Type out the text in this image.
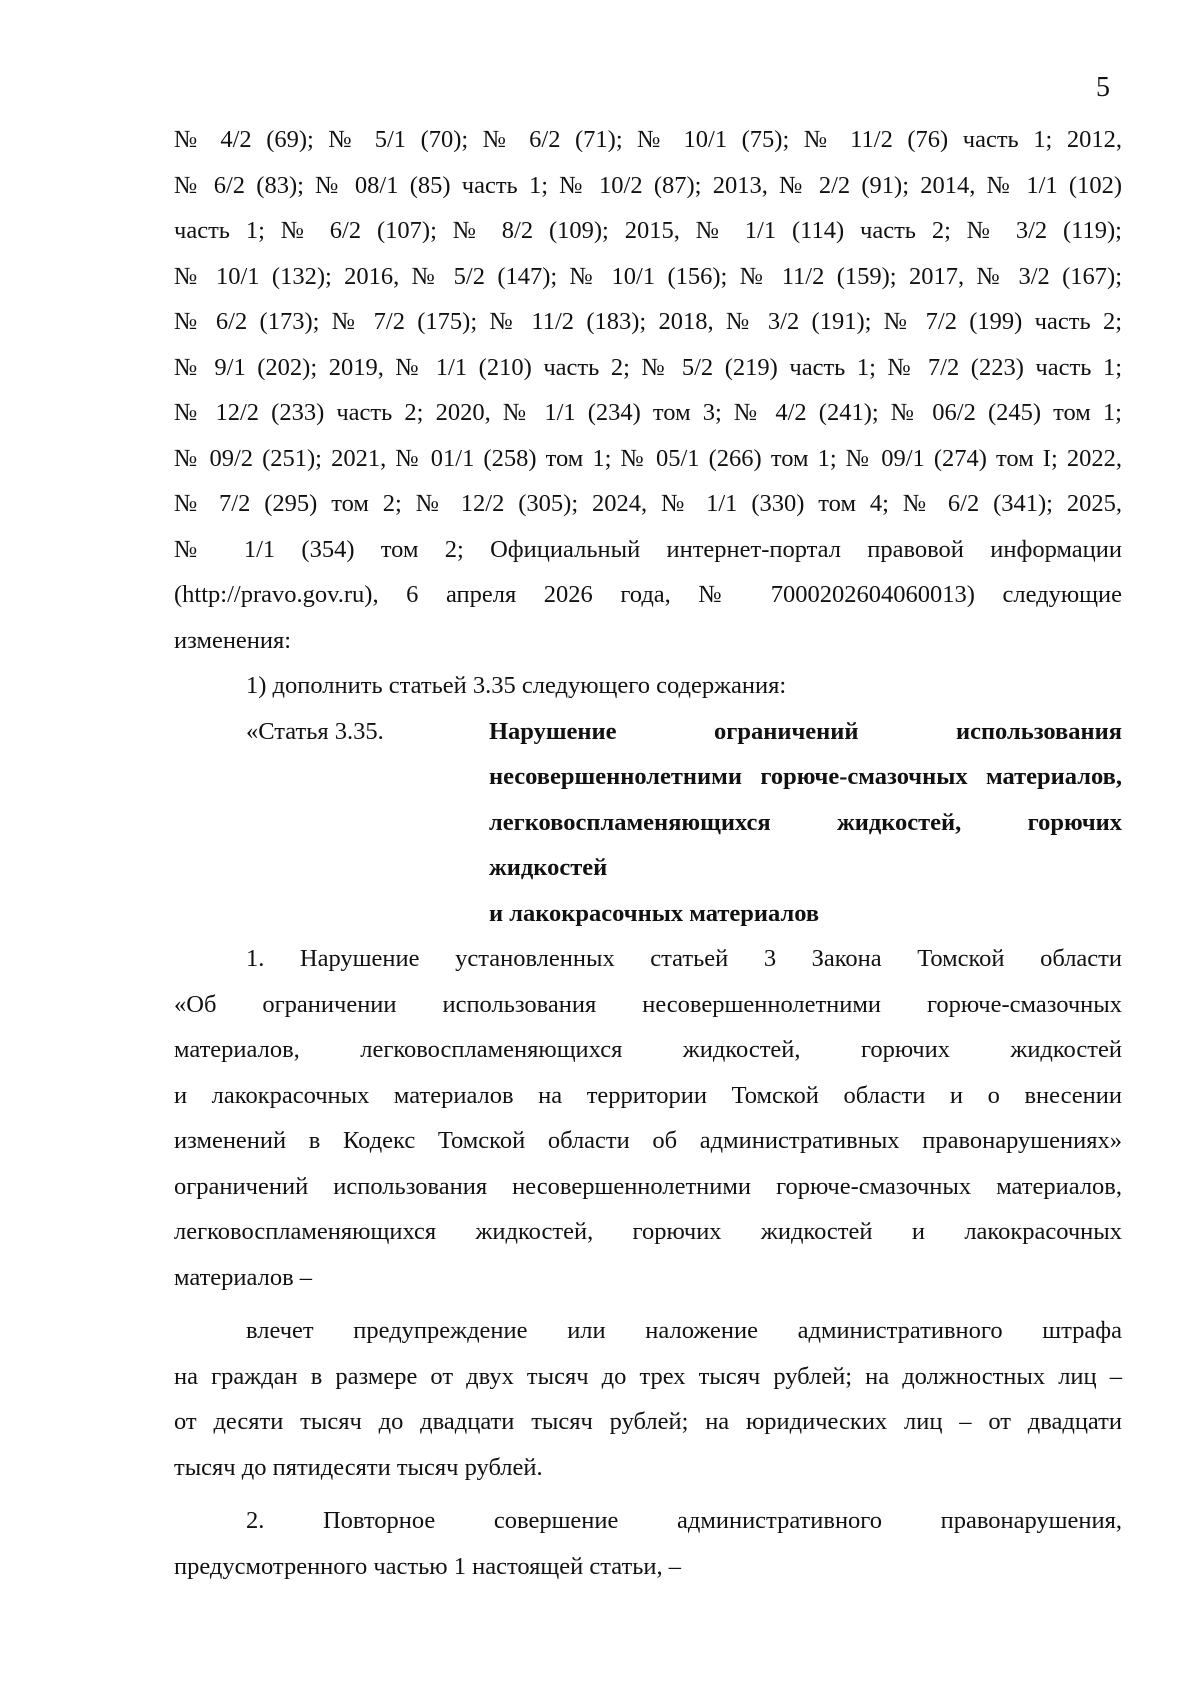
5
№ 4/2 (69); № 5/1 (70); № 6/2 (71); № 10/1 (75); № 11/2 (76) часть 1; 2012,
№ 6/2 (83); № 08/1 (85) часть 1; № 10/2 (87); 2013, № 2/2 (91); 2014, № 1/1 (102)
часть 1; № 6/2 (107); № 8/2 (109); 2015, № 1/1 (114) часть 2; № 3/2 (119);
№ 10/1 (132); 2016, № 5/2 (147); № 10/1 (156); № 11/2 (159); 2017, № 3/2 (167);
№ 6/2 (173); № 7/2 (175); № 11/2 (183); 2018, № 3/2 (191); № 7/2 (199) часть 2;
№ 9/1 (202); 2019, № 1/1 (210) часть 2; № 5/2 (219) часть 1; № 7/2 (223) часть 1;
№ 12/2 (233) часть 2; 2020, № 1/1 (234) том 3; № 4/2 (241); № 06/2 (245) том 1;
№ 09/2 (251); 2021, № 01/1 (258) том 1; № 05/1 (266) том 1; № 09/1 (274) том I; 2022,
№ 7/2 (295) том 2; № 12/2 (305); 2024, № 1/1 (330) том 4; № 6/2 (341); 2025,
№ 1/1 (354) том 2; Официальный интернет-портал правовой информации
(http://pravo.gov.ru), 6 апреля 2026 года, № 7000202604060013) следующие
изменения:
1) дополнить статьей 3.35 следующего содержания:
«Статья 3.35.	Нарушение ограничений использования
несовершеннолетними горюче-смазочных материалов,
легковоспламеняющихся жидкостей, горючих жидкостей
и лакокрасочных материалов
1. Нарушение установленных статьей 3 Закона Томской области
«Об ограничении использования несовершеннолетними горюче-смазочных
материалов, легковоспламеняющихся жидкостей, горючих жидкостей
и лакокрасочных материалов на территории Томской области и о внесении
изменений в Кодекс Томской области об административных правонарушениях»
ограничений использования несовершеннолетними горюче-смазочных материалов,
легковоспламеняющихся жидкостей, горючих жидкостей и лакокрасочных
материалов –
влечет предупреждение или наложение административного штрафа
на граждан в размере от двух тысяч до трех тысяч рублей; на должностных лиц –
от десяти тысяч до двадцати тысяч рублей; на юридических лиц – от двадцати
тысяч до пятидесяти тысяч рублей.
2. Повторное совершение административного правонарушения,
предусмотренного частью 1 настоящей статьи, –
